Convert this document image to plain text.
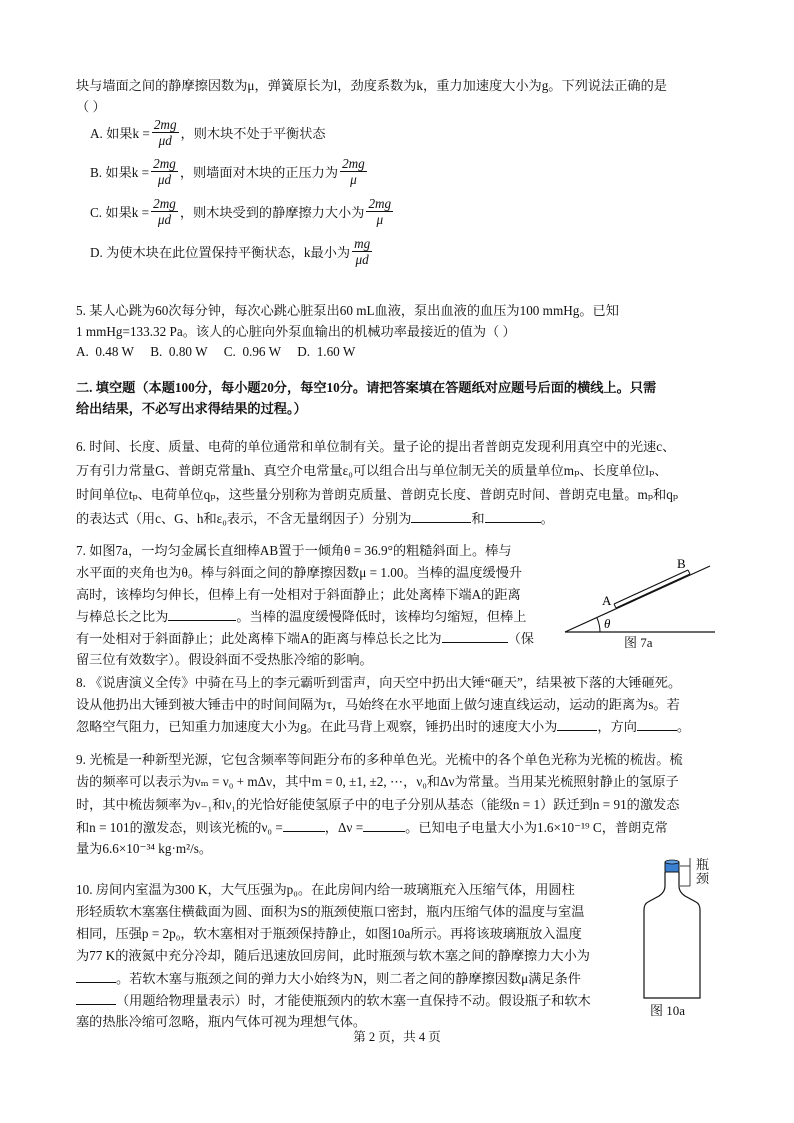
块与墙面之间的静摩擦因数为μ，弹簧原长为l，劲度系数为k，重力加速度大小为g。下列说法正确的是
（ ）
A. 如果$k = \frac{2mg}{\mu d}$ ，则木块不处于平衡状态
B. 如果$k = \frac{2mg}{\mu d}$ ，则墙面对木块的正压力为 $\frac{2mg}{\mu}$
C. 如果$k = \frac{2mg}{\mu d}$ ，则木块受到的静摩擦力大小为 $\frac{2mg}{\mu}$
D. 为使木块在此位置保持平衡状态，k最小为 $\frac{mg}{\mu d}$
5. 某人心跳为60次每分钟，每次心跳心脏泵出60 mL血液，泵出血液的血压为100 mmHg。已知
1 mmHg=133.32 Pa。该人的心脏向外泵血输出的机械功率最接近的值为（ ）
A.  0.48 W     B.  0.80 W     C.  0.96 W     D.  1.60 W
二. 填空题（本题100分，每小题20分，每空10分。请把答案填在答题纸对应题号后面的横线上。只需
给出结果，不必写出求得结果的过程。）
6. 时间、长度、质量、电荷的单位通常和单位制有关。量子论的提出者普朗克发现利用真空中的光速c、
万有引力常量G、普朗克常量h、真空介电常量ε₀可以组合出与单位制无关的质量单位mₚ、长度单位lₚ、
时间单位tₚ、电荷单位qₚ，这些量分别称为普朗克质量、普朗克长度、普朗克时间、普朗克电量。mₚ和qₚ
的表达式（用c、G、h和ε₀表示，不含无量纲因子）分别为	和	。
7. 如图7a，一均匀金属长直细棒AB置于一倾角θ = 36.9°的粗糙斜面上。棒与
水平面的夹角也为θ。棒与斜面之间的静摩擦因数μ = 1.00。当棒的温度缓慢升
高时，该棒均匀伸长，但棒上有一处相对于斜面静止；此处离棒下端A的距离
与棒总长之比为	。当棒的温度缓慢降低时，该棒均匀缩短，但棒上
有一处相对于斜面静止；此处离棒下端A的距离与棒总长之比为	（保
留三位有效数字）。假设斜面不受热胀冷缩的影响。
A
B
θ
图 7a
8. 《说唐演义全传》中骑在马上的李元霸听到雷声，向天空中扔出大锤“砸天”，结果被下落的大锤砸死。
设从他扔出大锤到被大锤击中的时间间隔为τ，马始终在水平地面上做匀速直线运动，运动的距离为s。若
忽略空气阻力，已知重力加速度大小为g。在此马背上观察，锤扔出时的速度大小为	，方向	。
9. 光梳是一种新型光源，它包含频率等间距分布的多种单色光。光梳中的各个单色光称为光梳的梳齿。梳
齿的频率可以表示为νₘ = ν₀ + mΔν，其中m = 0, ±1, ±2, ⋯，ν₀和Δν为常量。当用某光梳照射静止的氢原子
时，其中梳齿频率为ν₋₁和ν₁的光恰好能使氢原子中的电子分别从基态（能级n = 1）跃迁到n = 91的激发态
和n = 101的激发态，则该光梳的ν₀ =	，Δν =	。已知电子电量大小为1.6×10⁻¹⁹ C，普朗克常
量为6.6×10⁻³⁴ kg·m²/s。
10. 房间内室温为300 K，大气压强为p₀。在此房间内给一玻璃瓶充入压缩气体，用圆柱
形轻质软木塞塞住横截面为圆、面积为S的瓶颈使瓶口密封，瓶内压缩气体的温度与室温
相同，压强p = 2p₀，软木塞相对于瓶颈保持静止，如图10a所示。再将该玻璃瓶放入温度
为77 K的液氮中充分冷却，随后迅速放回房间，此时瓶颈与软木塞之间的静摩擦力大小为
。若软木塞与瓶颈之间的弹力大小始终为N，则二者之间的静摩擦因数μ满足条件
（用题给物理量表示）时，才能使瓶颈内的软木塞一直保持不动。假设瓶子和软木
塞的热胀冷缩可忽略，瓶内气体可视为理想气体。
瓶
颈
图 10a
第 2 页，共 4 页
